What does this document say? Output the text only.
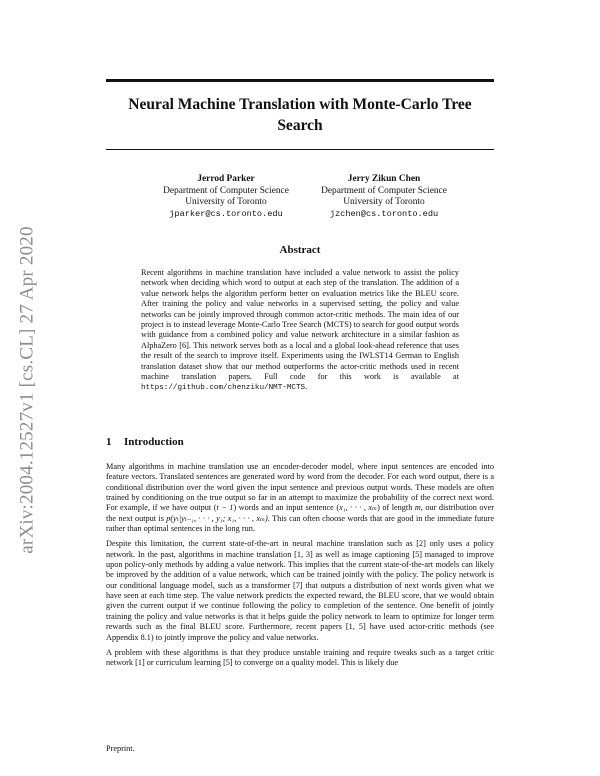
arXiv:2004.12527v1 [cs.CL] 27 Apr 2020
Neural Machine Translation with Monte-Carlo Tree Search
Jerrod Parker
Department of Computer Science
University of Toronto
jparker@cs.toronto.edu
Jerry Zikun Chen
Department of Computer Science
University of Toronto
jzchen@cs.toronto.edu
Abstract
Recent algorithms in machine translation have included a value network to assist the policy network when deciding which word to output at each step of the translation. The addition of a value network helps the algorithm perform better on evaluation metrics like the BLEU score. After training the policy and value networks in a supervised setting, the policy and value networks can be jointly improved through common actor-critic methods. The main idea of our project is to instead leverage Monte-Carlo Tree Search (MCTS) to search for good output words with guidance from a combined policy and value network architecture in a similar fashion as AlphaZero [6]. This network serves both as a local and a global look-ahead reference that uses the result of the search to improve itself. Experiments using the IWLST14 German to English translation dataset show that our method outperforms the actor-critic methods used in recent machine translation papers. Full code for this work is available at https://github.com/chenziku/NMT-MCTS.
1 Introduction

Many algorithms in machine translation use an encoder-decoder model, where input sentences are encoded into feature vectors. Translated sentences are generated word by word from the decoder. For each word output, there is a conditional distribution over the word given the input sentence and previous output words. These models are often trained by conditioning on the true output so far in an attempt to maximize the probability of the correct next word. For example, if we have output (t − 1) words and an input sentence (x₁, · · · , xₘ) of length m, our distribution over the next output is p(yₜ|yₜ₋₁, · · · , y₁; x₁, · · · , xₘ). This can often choose words that are good in the immediate future rather than optimal sentences in the long run.

Despite this limitation, the current state-of-the-art in neural machine translation such as [2] only uses a policy network. In the past, algorithms in machine translation [1, 3] as well as image captioning [5] managed to improve upon policy-only methods by adding a value network. This implies that the current state-of-the-art models can likely be improved by the addition of a value network, which can be trained jointly with the policy. The policy network is our conditional language model, such as a transformer [7] that outputs a distribution of next words given what we have seen at each time step. The value network predicts the expected reward, the BLEU score, that we would obtain given the current output if we continue following the policy to completion of the sentence. One benefit of jointly training the policy and value networks is that it helps guide the policy network to learn to optimize for longer term rewards such as the final BLEU score. Furthermore, recent papers [1, 5] have used actor-critic methods (see Appendix 8.1) to jointly improve the policy and value networks.

A problem with these algorithms is that they produce unstable training and require tweaks such as a target critic network [1] or curriculum learning [5] to converge on a quality model. This is likely due

Preprint.
